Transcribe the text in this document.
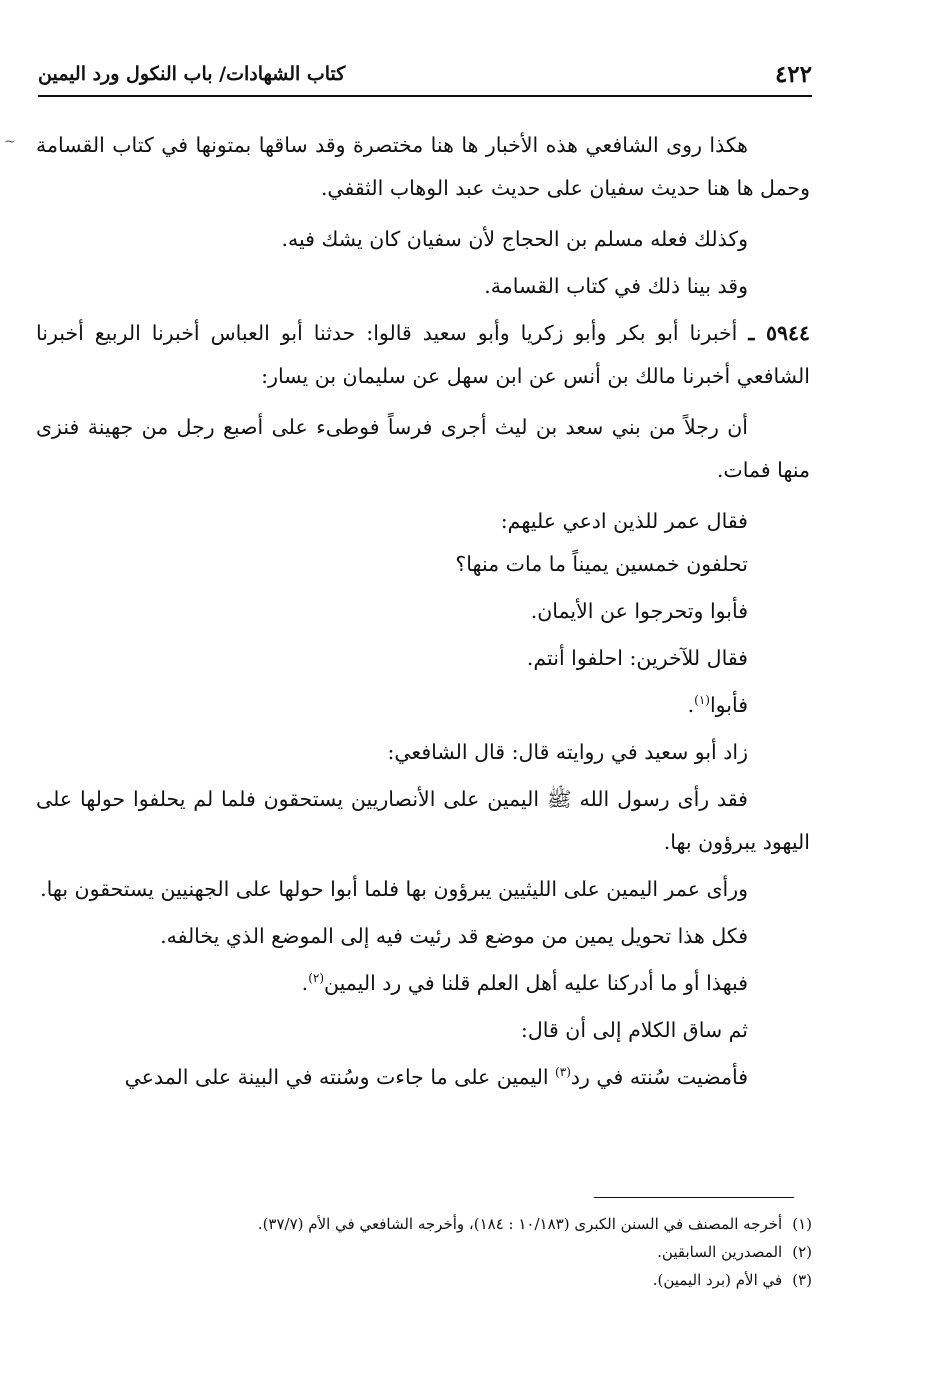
٤٢٢
كتاب الشهادات/ باب النكول ورد اليمين
~ هكذا روى الشافعي هذه الأخبار ها هنا مختصرة وقد ساقها بمتونها في كتاب القسامة وحمل ها هنا حديث سفيان على حديث عبد الوهاب الثقفي.

وكذلك فعله مسلم بن الحجاج لأن سفيان كان يشك فيه.

وقد بينا ذلك في كتاب القسامة.

٥٩٤٤ ـ أخبرنا أبو بكر وأبو زكريا وأبو سعيد قالوا: حدثنا أبو العباس أخبرنا الربيع أخبرنا الشافعي أخبرنا مالك بن أنس عن ابن سهل عن سليمان بن يسار:

أن رجلاً من بني سعد بن ليث أجرى فرساً فوطىء على أصبع رجل من جهينة فنزى منها فمات.

فقال عمر للذين ادعي عليهم:

تحلفون خمسين يميناً ما مات منها؟

فأبوا وتحرجوا عن الأيمان.

فقال للآخرين: احلفوا أنتم.

فأبوا$^{(١)}$.

زاد أبو سعيد في روايته قال: قال الشافعي:

فقد رأى رسول الله ﷺ اليمين على الأنصاريين يستحقون فلما لم يحلفوا حولها على اليهود يبرؤون بها.

ورأى عمر اليمين على الليثيين يبرؤون بها فلما أبوا حولها على الجهنيين يستحقون بها.

فكل هذا تحويل يمين من موضع قد رئيت فيه إلى الموضع الذي يخالفه.

فبهذا أو ما أدركنا عليه أهل العلم قلنا في رد اليمين$^{(٢)}$.

ثم ساق الكلام إلى أن قال:

فأمضيت سُنته في رد$^{(٣)}$ اليمين على ما جاءت وسُنته في البينة على المدعي

(١)أخرجه المصنف في السنن الكبرى (١٠/١٨٣ : ١٨٤)، وأخرجه الشافعي في الأم (٣٧/٧).
(٢)المصدرين السابقين.
(٣)في الأم (برد اليمين).
